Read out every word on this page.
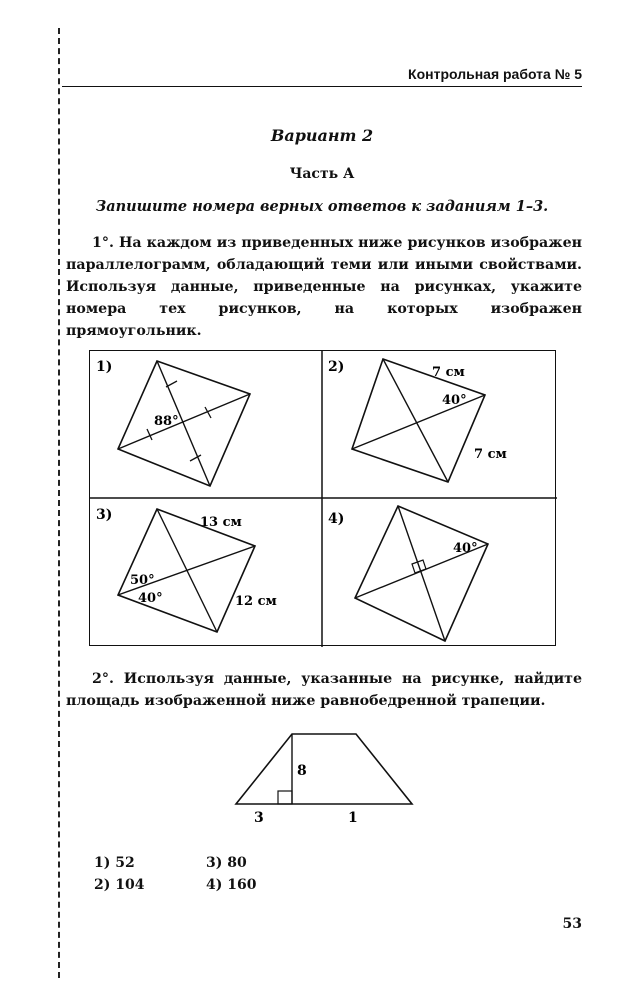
Контрольная работа № 5
Вариант 2
Часть А
Запишите номера верных ответов к заданиям 1–3.

1°. На каждом из приведенных ниже рисунков изображен параллелограмм, обладающий теми или иными свойствами. Используя данные, приведенные на рисунках, укажите номера тех рисунков, на которых изображен прямоугольник.

1)
88°
2)	7 см
40°
7 см
3)	13 см
50°
40°	12 см
4)
40°

2°. Используя данные, указанные на рисунке, найдите площадь изображенной ниже равнобедренной трапеции.

8
3	1
1) 52	3) 80
2) 104	4) 160
53
